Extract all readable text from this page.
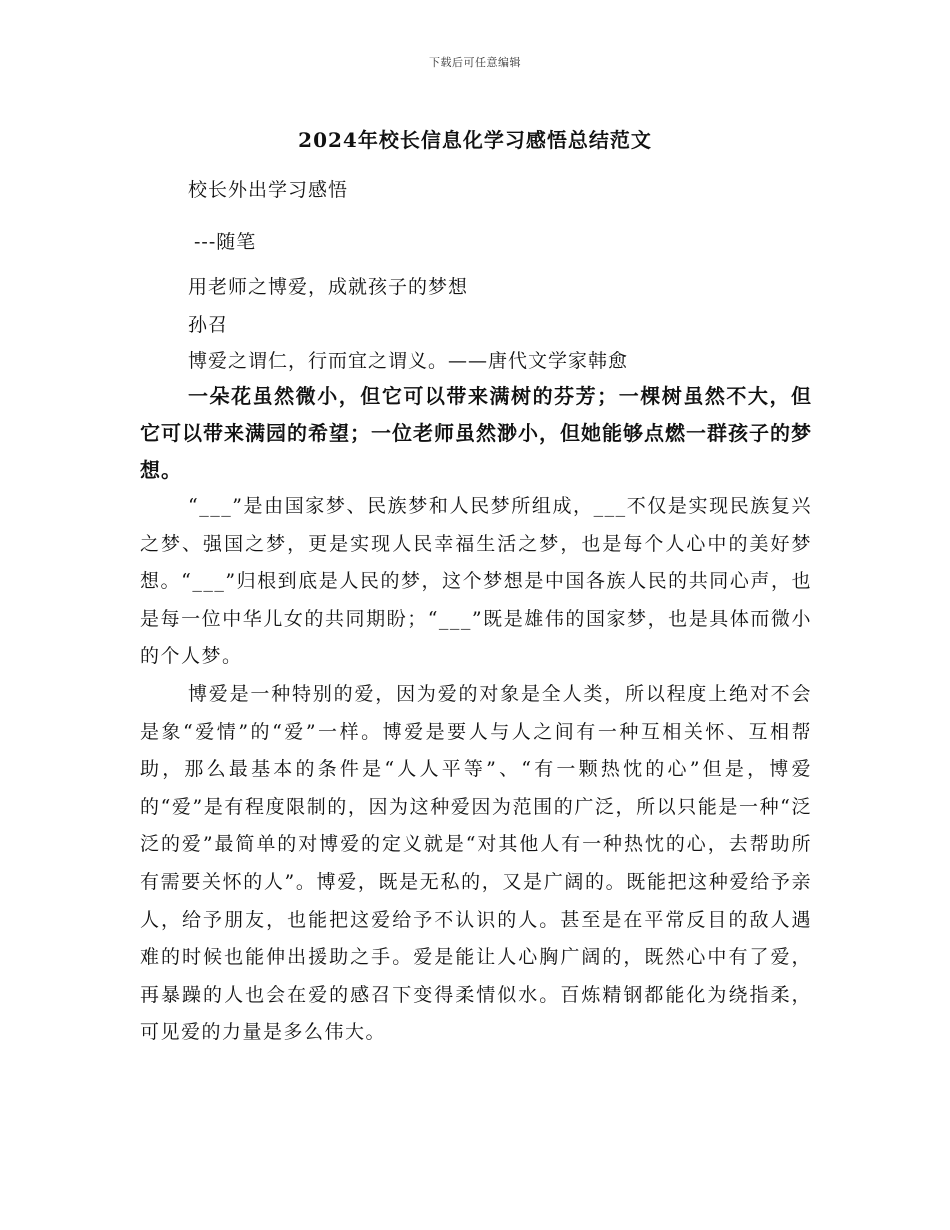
下载后可任意编辑
2024年校长信息化学习感悟总结范文
校长外出学习感悟
---随笔
用老师之博爱，成就孩子的梦想
孙召
博爱之谓仁，行而宜之谓义。——唐代文学家韩愈
一朵花虽然微小，但它可以带来满树的芬芳；一棵树虽然不大，但它可以带来满园的希望；一位老师虽然渺小，但她能够点燃一群孩子的梦想。
“___”是由国家梦、民族梦和人民梦所组成，___不仅是实现民族复兴之梦、强国之梦，更是实现人民幸福生活之梦，也是每个人心中的美好梦想。“___”归根到底是人民的梦，这个梦想是中国各族人民的共同心声，也是每一位中华儿女的共同期盼；“___”既是雄伟的国家梦，也是具体而微小的个人梦。
博爱是一种特别的爱，因为爱的对象是全人类，所以程度上绝对不会是象“爱情”的“爱”一样。博爱是要人与人之间有一种互相关怀、互相帮助，那么最基本的条件是“人人平等”、“有一颗热忱的心”但是，博爱的“爱”是有程度限制的，因为这种爱因为范围的广泛，所以只能是一种“泛泛的爱”最简单的对博爱的定义就是“对其他人有一种热忱的心，去帮助所有需要关怀的人”。博爱，既是无私的，又是广阔的。既能把这种爱给予亲人，给予朋友，也能把这爱给予不认识的人。甚至是在平常反目的敌人遇难的时候也能伸出援助之手。爱是能让人心胸广阔的，既然心中有了爱，再暴躁的人也会在爱的感召下变得柔情似水。百炼精钢都能化为绕指柔，可见爱的力量是多么伟大。
